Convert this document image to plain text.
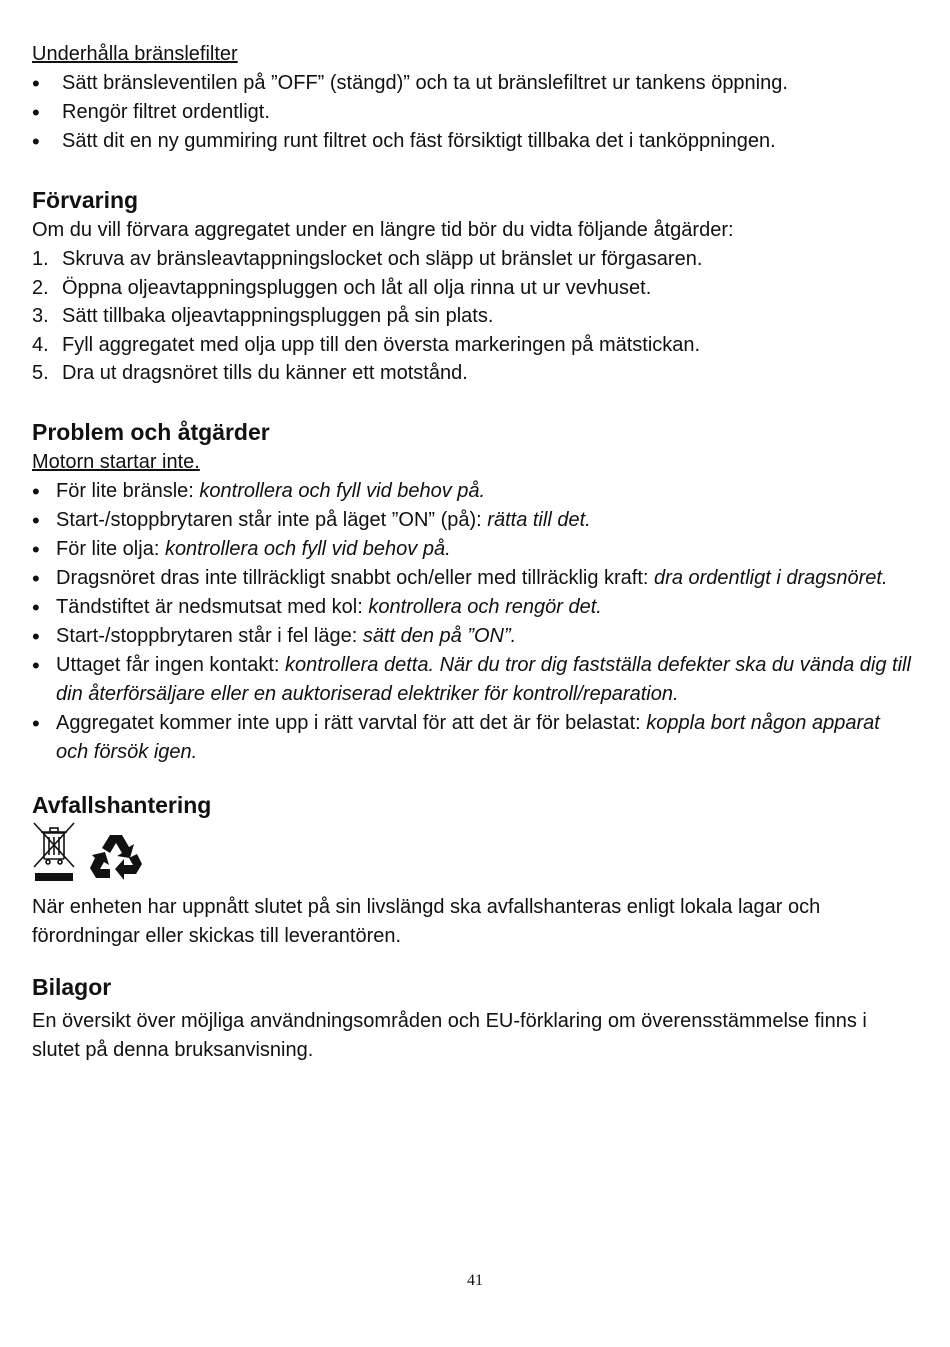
Underhålla bränslefilter

• Sätt bränsleventilen på ”OFF” (stängd)” och ta ut bränslefiltret ur tankens öppning.
• Rengör filtret ordentligt.
• Sätt dit en ny gummiring runt filtret och fäst försiktigt tillbaka det i tanköppningen.
Förvaring

Om du vill förvara aggregatet under en längre tid bör du vidta följande åtgärder:

1. Skruva av bränsleavtappningslocket och släpp ut bränslet ur förgasaren.
2. Öppna oljeavtappningspluggen och låt all olja rinna ut ur vevhuset.
3. Sätt tillbaka oljeavtappningspluggen på sin plats.
4. Fyll aggregatet med olja upp till den översta markeringen på mätstickan.
5. Dra ut dragsnöret tills du känner ett motstånd.
Problem och åtgärder

Motorn startar inte.

• För lite bränsle: kontrollera och fyll vid behov på.
• Start-/stoppbrytaren står inte på läget ”ON” (på): rätta till det.
• För lite olja: kontrollera och fyll vid behov på.
• Dragsnöret dras inte tillräckligt snabbt och/eller med tillräcklig kraft: dra ordentligt i dragsnöret.
• Tändstiftet är nedsmutsat med kol: kontrollera och rengör det.
• Start-/stoppbrytaren står i fel läge: sätt den på ”ON”.
• Uttaget får ingen kontakt: kontrollera detta. När du tror dig fastställa defekter ska du vända dig till din återförsäljare eller en auktoriserad elektriker för kontroll/reparation.
• Aggregatet kommer inte upp i rätt varvtal för att det är för belastat: koppla bort någon apparat och försök igen.
Avfallshantering

När enheten har uppnått slutet på sin livslängd ska avfallshanteras enligt lokala lagar och förordningar eller skickas till leverantören.

Bilagor

En översikt över möjliga användningsområden och EU-förklaring om överensstämmelse finns i slutet på denna bruksanvisning.

41
